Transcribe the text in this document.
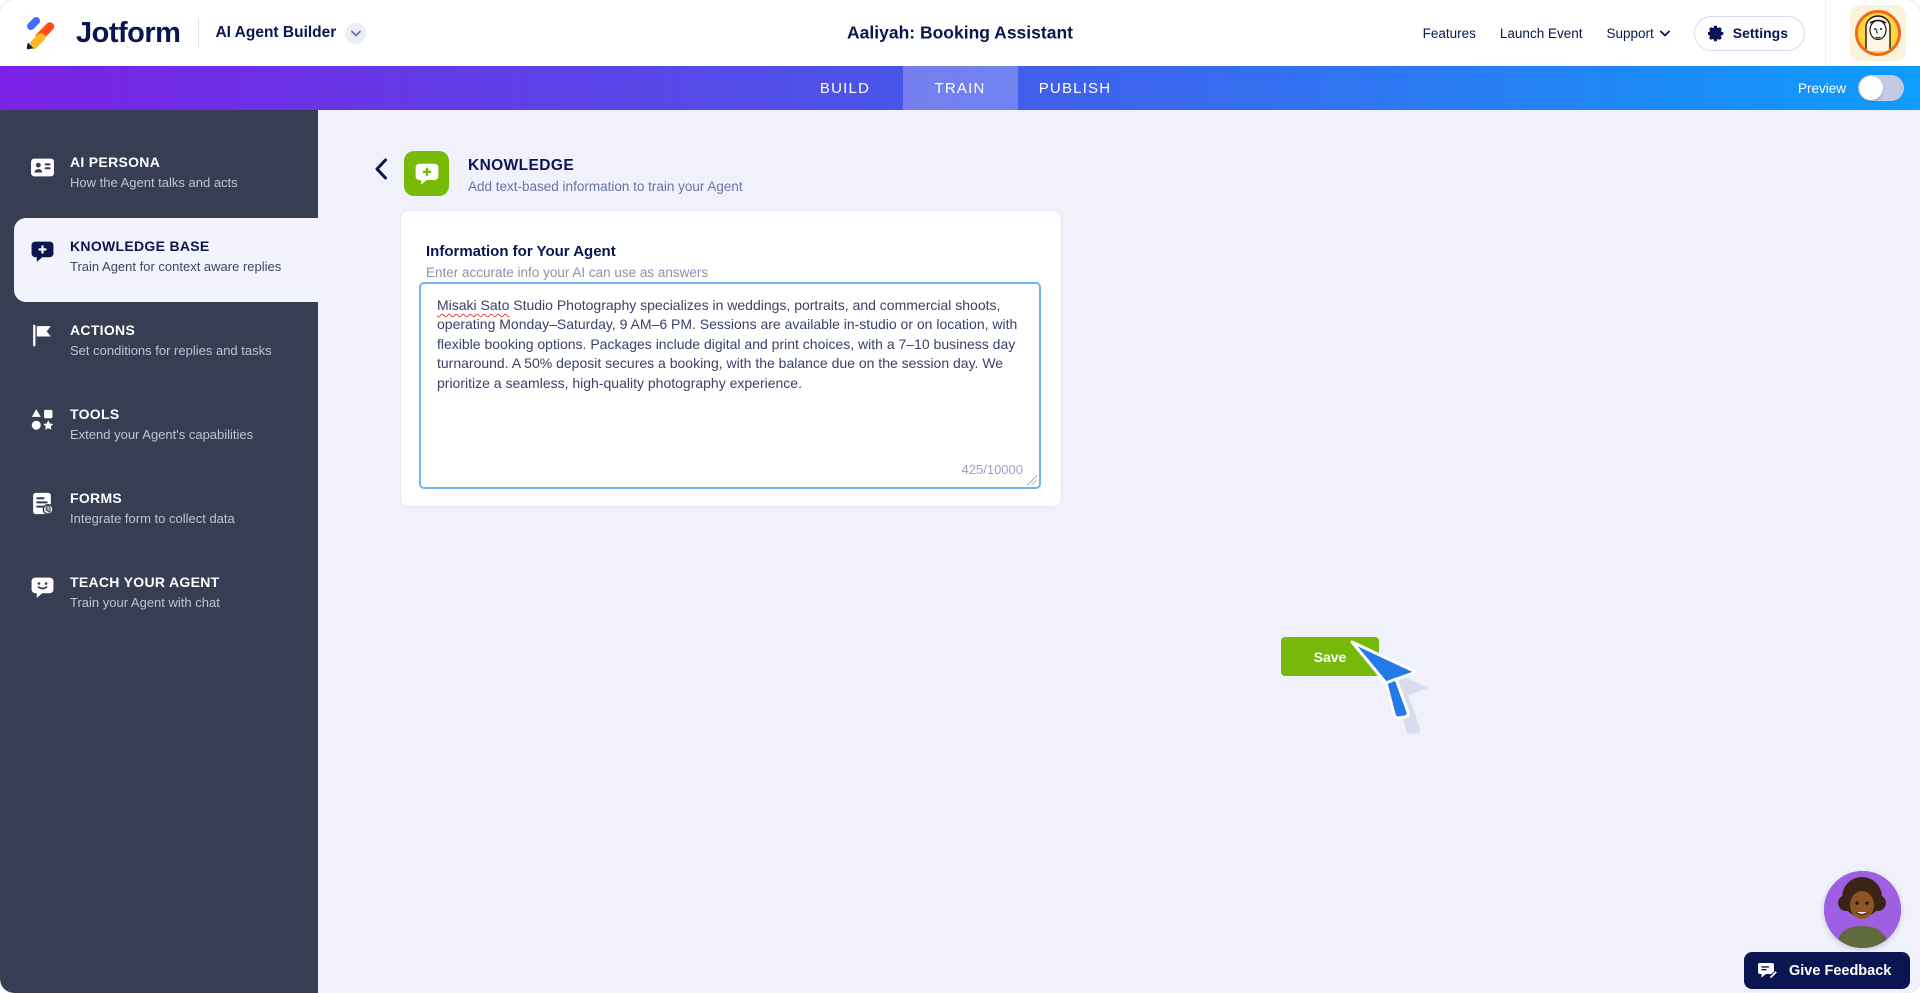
Jotform AI Agent Builder	Aaliyah: Booking Assistant	Features Launch Event Support	Settings
BUILD	TRAIN	PUBLISH	Preview
AI PERSONA
How the Agent talks and acts
KNOWLEDGE BASE
Train Agent for context aware replies
ACTIONS
Set conditions for replies and tasks
TOOLS
Extend your Agent's capabilities
FORMS
Integrate form to collect data
TEACH YOUR AGENT
Train your Agent with chat
KNOWLEDGE
Add text-based information to train your Agent
Information for Your Agent
Enter accurate info your AI can use as answers
Misaki Sato Studio Photography specializes in weddings, portraits, and commercial shoots, operating Monday–Saturday, 9 AM–6 PM. Sessions are available in-studio or on location, with flexible booking options. Packages include digital and print choices, with a 7–10 business day turnaround. A 50% deposit secures a booking, with the balance due on the session day. We prioritize a seamless, high-quality photography experience.
425/10000
Save
Give Feedback
